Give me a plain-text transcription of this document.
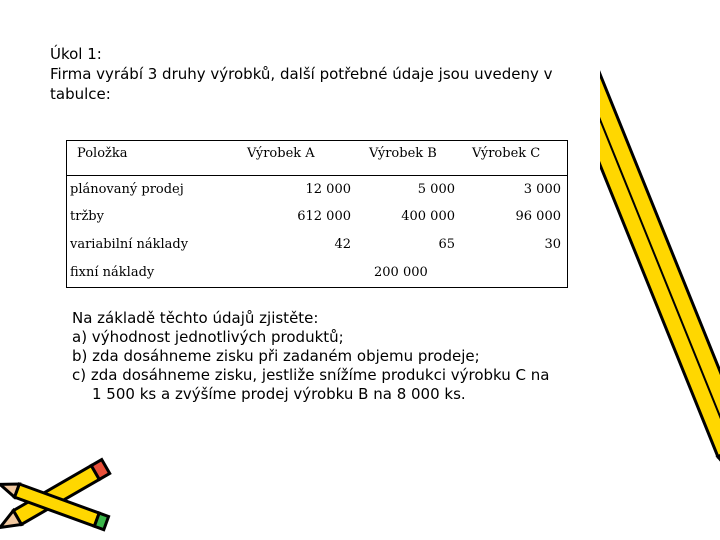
Úkol 1:
Firma vyrábí 3 druhy výrobků, další potřebné údaje jsou uvedeny v
tabulce:
Položka	Výrobek A	Výrobek B	Výrobek C
plánovaný prodej	12 000	5 000	3 000
tržby	612 000	400 000	96 000
variabilní náklady	42	65	30
fixní náklady	200 000
Na základě těchto údajů zjistěte:
a) výhodnost jednotlivých produktů;
b) zda dosáhneme zisku při zadaném objemu prodeje;
c) zda dosáhneme zisku, jestliže snížíme produkci výrobku C na
1 500 ks a zvýšíme prodej výrobku B na 8 000 ks.
